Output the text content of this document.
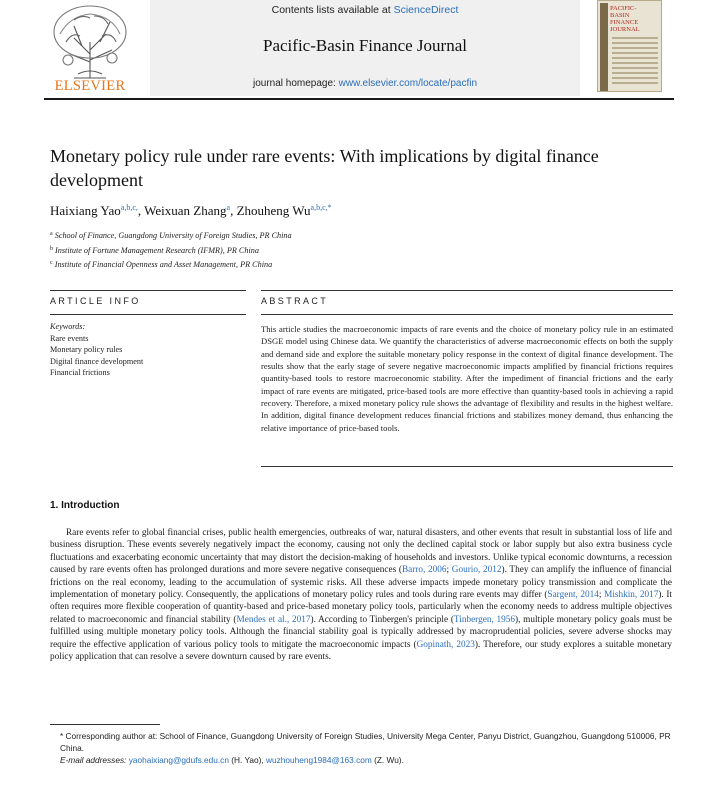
ELSEVIER
Contents lists available at ScienceDirect
Pacific-Basin Finance Journal
journal homepage: www.elsevier.com/locate/pacfin
PACIFIC-
BASIN
FINANCE
JOURNAL
Monetary policy rule under rare events: With implications by digital finance development
Haixiang Yao$^{a,b,c,}$, Weixuan Zhang$^a$, Zhouheng $Wu^{a,b,c,*}$
$^a$ School of Finance, Guangdong University of Foreign Studies, PR China
$^b$ Institute of Fortune Management Research (IFMR), PR China
$^c$ Institute of Financial Openness and Asset Management, PR China
ARTICLE INFO	ABSTRACT
Keywords:
Rare events
Monetary policy rules
Digital finance development
Financial frictions
This article studies the macroeconomic impacts of rare events and the choice of monetary policy rule in an estimated DSGE model using Chinese data. We quantify the characteristics of adverse macroeconomic effects on both the supply and demand side and explore the suitable monetary policy response in the context of digital finance development. The results show that the early stage of severe negative macroeconomic impacts amplified by financial frictions requires quantity-based tools to restore macroeconomic stability. After the impediment of financial frictions and the early impact of rare events are mitigated, price-based tools are more effective than quantity-based tools in achieving a rapid recovery. Therefore, a mixed monetary policy rule shows the advantage of flexibility and results in the highest welfare. In addition, digital finance development reduces financial frictions and stabilizes money demand, thus enhancing the relative importance of price-based tools.
1. Introduction
Rare events refer to global financial crises, public health emergencies, outbreaks of war, natural disasters, and other events that result in substantial loss of life and business disruption. These events severely negatively impact the economy, causing not only the declined capital stock or labor supply but also extra business cycle fluctuations and exacerbating economic uncertainty that may distort the decision-making of households and investors. Unlike typical economic downturns, a recession caused by rare events often has prolonged durations and more severe negative consequences (Barro, 2006; Gourio, 2012). They can amplify the influence of financial frictions on the real economy, leading to the accumulation of systemic risks. All these adverse impacts impede monetary policy transmission and complicate the implementation of monetary policy. Consequently, the applications of monetary policy rules and tools during rare events may differ (Sargent, 2014; Mishkin, 2017). It often requires more flexible cooperation of quantity-based and price-based monetary policy tools, particularly when the economy needs to address multiple objectives related to macroeconomic and financial stability (Mendes et al., 2017). According to Tinbergen's principle (Tinbergen, 1956), multiple monetary policy goals must be fulfilled using multiple monetary policy tools. Although the financial stability goal is typically addressed by macroprudential policies, severe adverse shocks may require the effective application of various policy tools to mitigate the macroeconomic impacts (Gopinath, 2023). Therefore, our study explores a suitable monetary policy application that can resolve a severe downturn caused by rare events.
* Corresponding author at: School of Finance, Guangdong University of Foreign Studies, University Mega Center, Panyu District, Guangzhou, Guangdong 510006, PR China.
E-mail addresses: yaohaixiang@gdufs.edu.cn (H. Yao), wuzhouheng1984@163.com (Z. Wu).
